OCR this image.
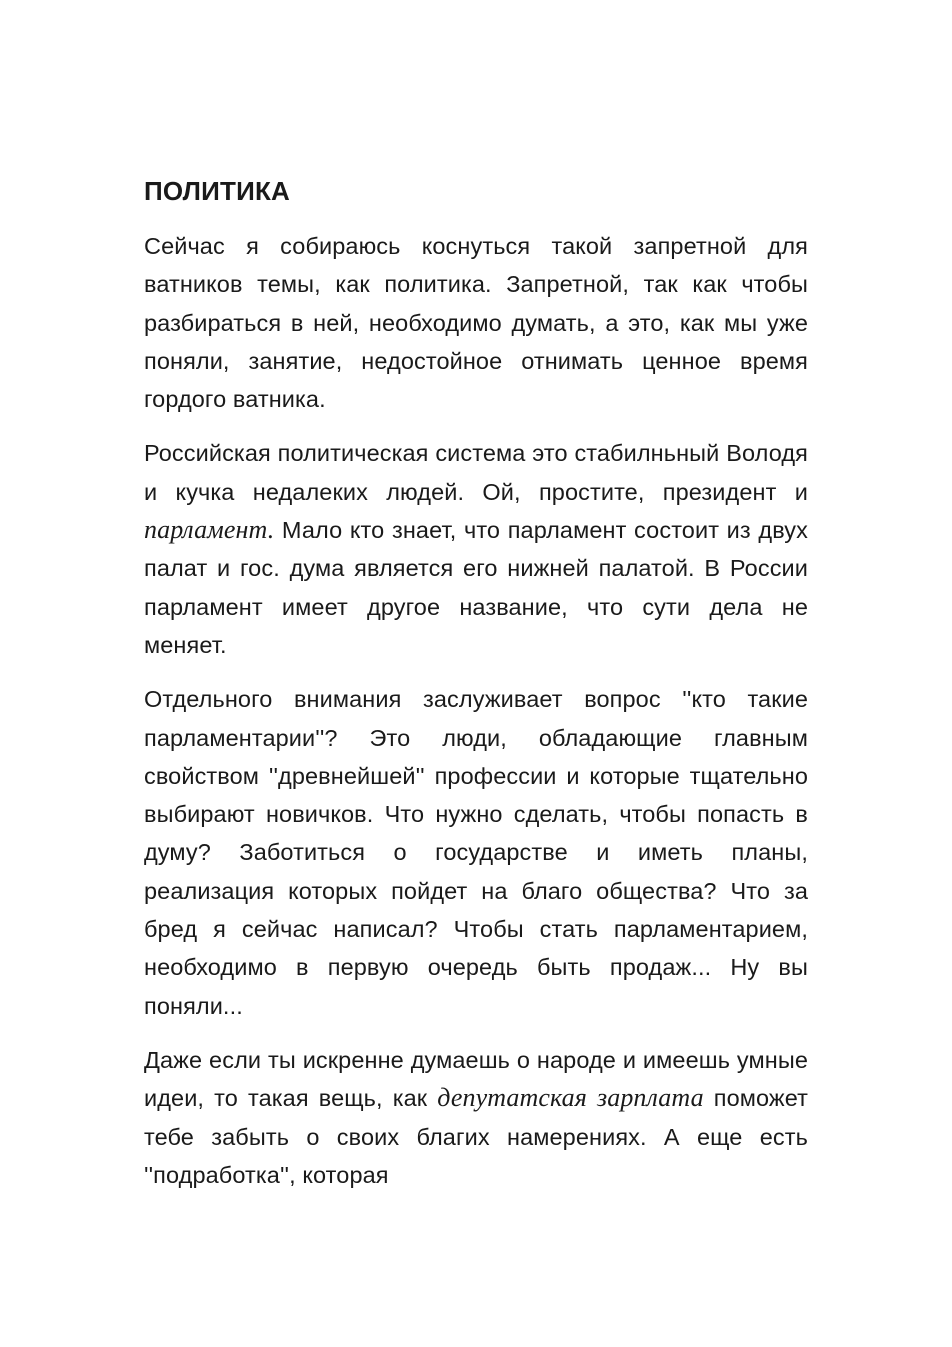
ПОЛИТИКА

Сейчас я собираюсь коснуться такой запретной для ватников темы, как политика. Запретной, так как чтобы разбираться в ней, необходимо думать, а это, как мы уже поняли, занятие, недостойное отнимать ценное время гордого ватника.

Российская политическая система это стабилньный Володя и кучка недалеких людей. Ой, простите, президент и парламент. Мало кто знает, что парламент состоит из двух палат и гос. дума является его нижней палатой. В России парламент имеет другое название, что сути дела не меняет.

Отдельного внимания заслуживает вопрос ''кто такие парламентарии''? Это люди, обладающие главным свойством ''древнейшей'' профессии и которые тщательно выбирают новичков. Что нужно сделать, чтобы попасть в думу? Заботиться о государстве и иметь планы, реализация которых пойдет на благо общества? Что за бред я сейчас написал? Чтобы стать парламентарием, необходимо в первую очередь быть продаж... Ну вы поняли...

Даже если ты искренне думаешь о народе и имеешь умные идеи, то такая вещь, как депутатская зарплата поможет тебе забыть о своих благих намерениях. А еще есть ''подработка'', которая
